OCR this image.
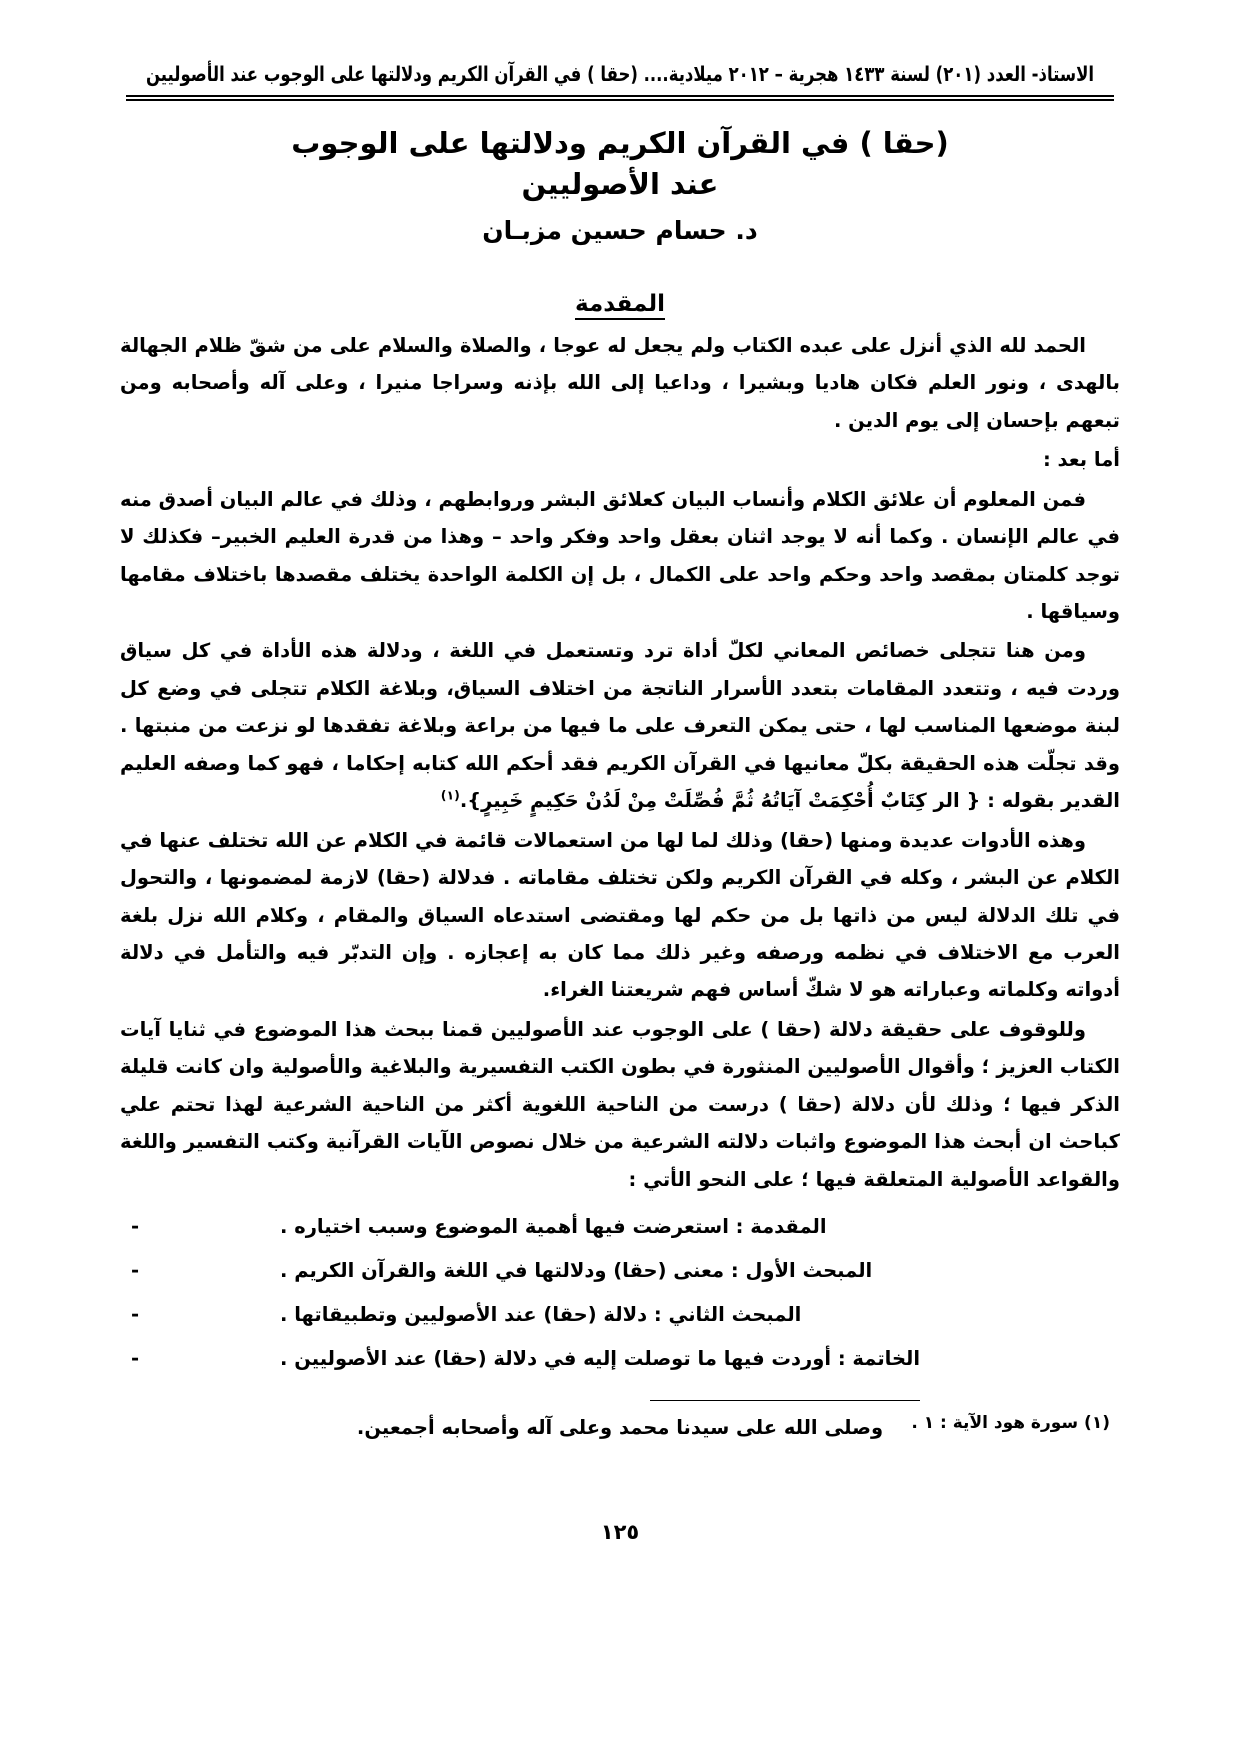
الاستاذ- العدد (٢٠١) لسنة ١٤٣٣ هجرية – ٢٠١٢ ميلادية.... (حقا ) في القرآن الكريم ودلالتها على الوجوب عند الأصوليين
(حقا ) في القرآن الكريم ودلالتها على الوجوب
عند الأصوليين
د. حسام حسين مزبـان
المقدمة

الحمد لله الذي أنزل على عبده الكتاب ولم يجعل له عوجا ، والصلاة والسلام على من شقّ ظلام الجهالة بالهدى ، ونور العلم فكان هاديا وبشيرا ، وداعيا إلى الله بإذنه وسراجا منيرا ، وعلى آله وأصحابه ومن تبعهم بإحسان إلى يوم الدين .

أما بعد :

فمن المعلوم أن علائق الكلام وأنساب البيان كعلائق البشر وروابطهم ، وذلك في عالم البيان أصدق منه في عالم الإنسان . وكما أنه لا يوجد اثنان بعقل واحد وفكر واحد – وهذا من قدرة العليم الخبير– فكذلك لا توجد كلمتان بمقصد واحد وحكم واحد على الكمال ، بل إن الكلمة الواحدة يختلف مقصدها باختلاف مقامها وسياقها .

ومن هنا تتجلى خصائص المعاني لكلّ أداة ترد وتستعمل في اللغة ، ودلالة هذه الأداة في كل سياق وردت فيه ، وتتعدد المقامات بتعدد الأسرار الناتجة من اختلاف السياق، وبلاغة الكلام تتجلى في وضع كل لبنة موضعها المناسب لها ، حتى يمكن التعرف على ما فيها من براعة وبلاغة تفقدها لو نزعت من منبتها . وقد تجلّت هذه الحقيقة بكلّ معانيها في القرآن الكريم فقد أحكم الله كتابه إحكاما ، فهو كما وصفه العليم القدير بقوله : { الر كِتَابٌ أُحْكِمَتْ آيَاتُهُ ثُمَّ فُصِّلَتْ مِنْ لَدُنْ حَكِيمٍ خَبِيرٍ}.$^{(١)}$

وهذه الأدوات عديدة ومنها (حقا) وذلك لما لها من استعمالات قائمة في الكلام عن الله تختلف عنها في الكلام عن البشر ، وكله في القرآن الكريم ولكن تختلف مقاماته . فدلالة (حقا) لازمة لمضمونها ، والتحول في تلك الدلالة ليس من ذاتها بل من حكم لها ومقتضى استدعاه السياق والمقام ، وكلام الله نزل بلغة العرب مع الاختلاف في نظمه ورصفه وغير ذلك مما كان به إعجازه . وإن التدبّر فيه والتأمل في دلالة أدواته وكلماته وعباراته هو لا شكّ أساس فهم شريعتنا الغراء.

وللوقوف على حقيقة دلالة (حقا ) على الوجوب عند الأصوليين قمنا ببحث هذا الموضوع في ثنايا آيات الكتاب العزيز ؛ وأقوال الأصوليين المنثورة في بطون الكتب التفسيرية والبلاغية والأصولية وان كانت قليلة الذكر فيها ؛ وذلك لأن دلالة (حقا ) درست من الناحية اللغوية أكثر من الناحية الشرعية لهذا تحتم علي كباحث ان أبحث هذا الموضوع واثبات دلالته الشرعية من خلال نصوص الآيات القرآنية وكتب التفسير واللغة والقواعد الأصولية المتعلقة فيها ؛ على النحو الأتي :

المقدمة : استعرضت فيها أهمية الموضوع وسبب اختياره .
-
المبحث الأول : معنى (حقا) ودلالتها في اللغة والقرآن الكريم .
-
المبحث الثاني : دلالة (حقا) عند الأصوليين وتطبيقاتها .
-
الخاتمة : أوردت فيها ما توصلت إليه في دلالة (حقا) عند الأصوليين .
-
وصلى الله على سيدنا محمد وعلى آله وأصحابه أجمعين.	(١) سورة هود الآية : ١ .
١٢٥
